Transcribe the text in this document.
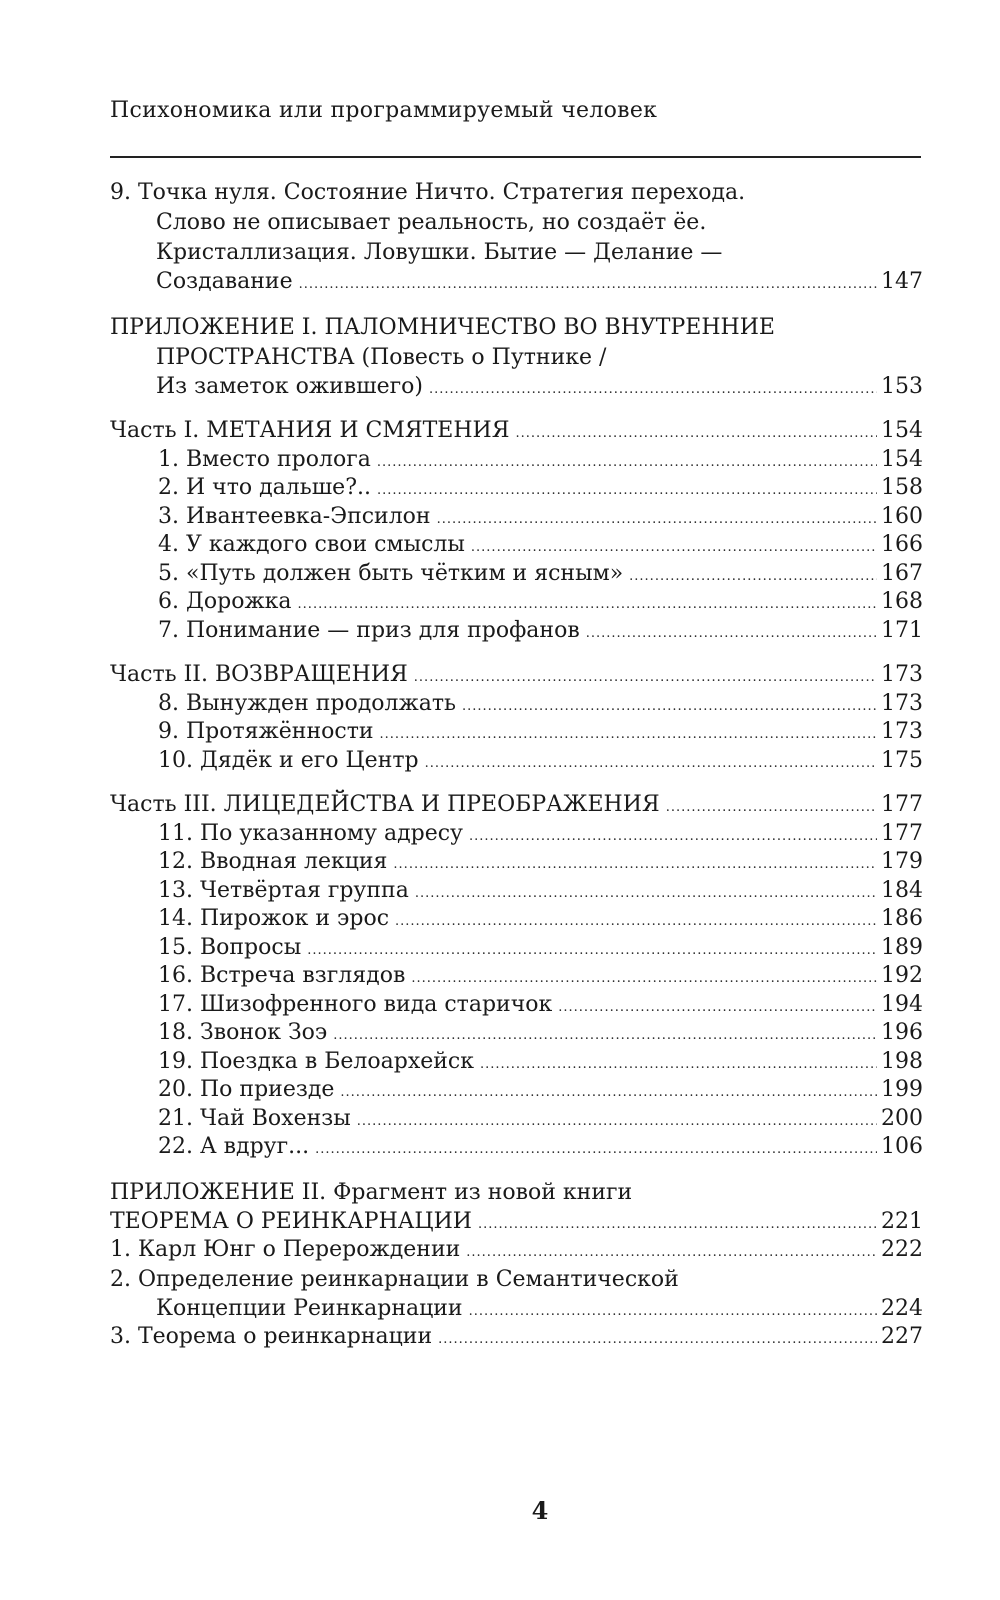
Психономика или программируемый человек
9. Точка нуля. Состояние Ничто. Стратегия перехода.
Слово не описывает реальность, но создаёт ёе.
Кристаллизация. Ловушки. Бытие — Делание —
Создавание .....	147
ПРИЛОЖЕНИЕ I. ПАЛОМНИЧЕСТВО ВО ВНУТРЕННИЕ
ПРОСТРАНСТВА (Повесть о Путнике /
Из заметок ожившего) .....	153
Часть I. МЕТАНИЯ И СМЯТЕНИЯ .....	154
1. Вместо пролога .....	154
2. И что дальше?.. .....	158
3. Ивантеевка-Эпсилон .....	160
4. У каждого свои смыслы .....	166
5. «Путь должен быть чётким и ясным» .....	167
6. Дорожка .....	168
7. Понимание — приз для профанов .....	171
Часть II. ВОЗВРАЩЕНИЯ .....	173
8. Вынужден продолжать .....	173
9. Протяжённости .....	173
10. Дядёк и его Центр .....	175
Часть III. ЛИЦЕДЕЙСТВА И ПРЕОБРАЖЕНИЯ .....	177
11. По указанному адресу .....	177
12. Вводная лекция .....	179
13. Четвёртая группа .....	184
14. Пирожок и эрос .....	186
15. Вопросы .....	189
16. Встреча взглядов .....	192
17. Шизофренного вида старичок .....	194
18. Звонок Зоэ .....	196
19. Поездка в Белоархейск .....	198
20. По приезде .....	199
21. Чай Вохензы .....	200
22. А вдруг... .....	106
ПРИЛОЖЕНИЕ II. Фрагмент из новой книги
ТЕОРЕМА О РЕИНКАРНАЦИИ .....	221
1. Карл Юнг о Перерождении .....	222
2. Определение реинкарнации в Семантической
Концепции Реинкарнации .....	224
3. Теорема о реинкарнации .....	227
4
